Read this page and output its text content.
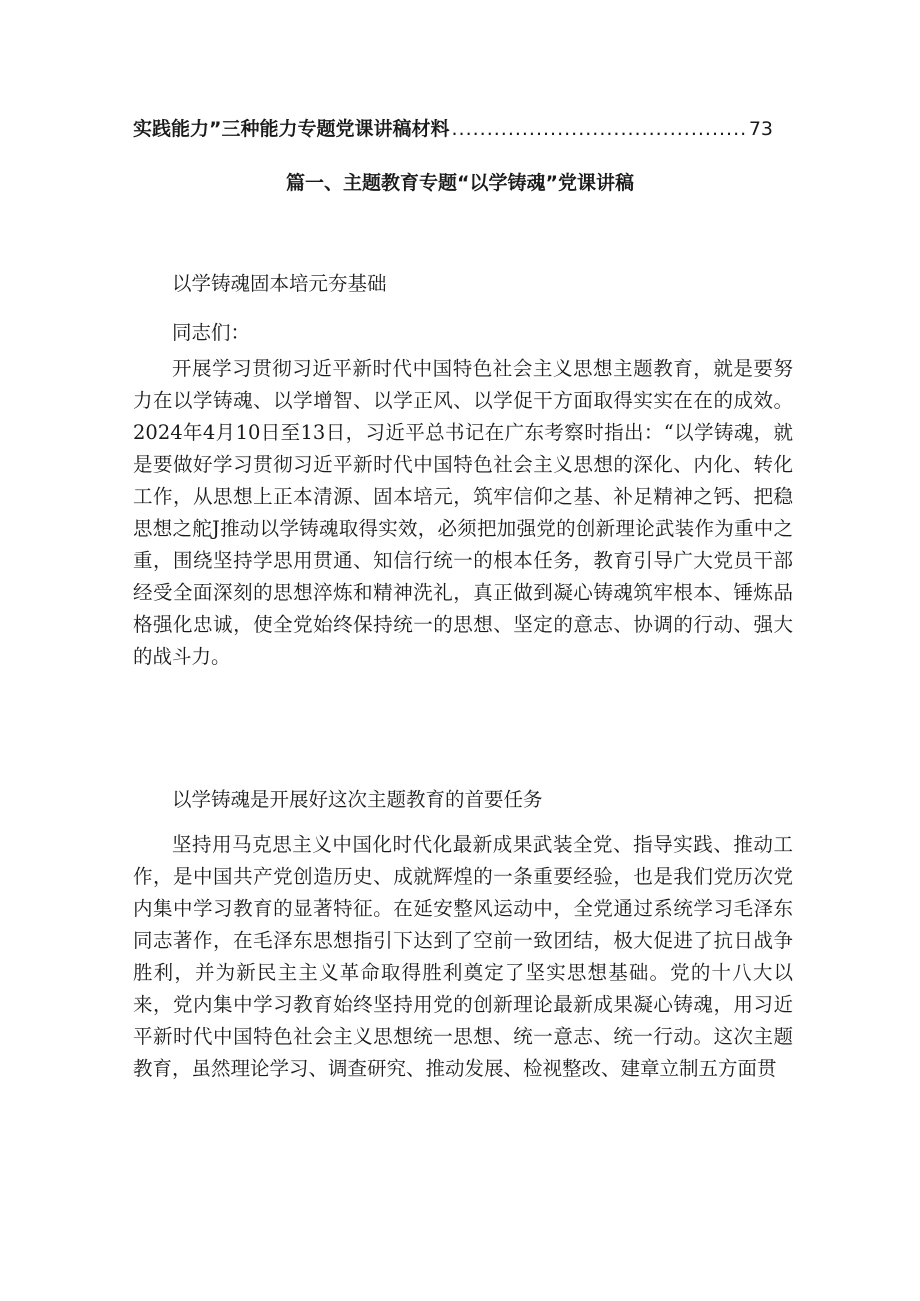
实践能力”三种能力专题党课讲稿材料
.....	73
篇一、主题教育专题“以学铸魂”党课讲稿

以学铸魂固本培元夯基础

同志们：

开展学习贯彻习近平新时代中国特色社会主义思想主题教育，就是要努力在以学铸魂、以学增智、以学正风、以学促干方面取得实实在在的成效。2024年4月10日至13日，习近平总书记在广东考察时指出：“以学铸魂，就是要做好学习贯彻习近平新时代中国特色社会主义思想的深化、内化、转化工作，从思想上正本清源、固本培元，筑牢信仰之基、补足精神之钙、把稳思想之舵J推动以学铸魂取得实效，必须把加强党的创新理论武装作为重中之重，围绕坚持学思用贯通、知信行统一的根本任务，教育引导广大党员干部经受全面深刻的思想淬炼和精神洗礼，真正做到凝心铸魂筑牢根本、锤炼品格强化忠诚，使全党始终保持统一的思想、坚定的意志、协调的行动、强大的战斗力。

以学铸魂是开展好这次主题教育的首要任务

坚持用马克思主义中国化时代化最新成果武装全党、指导实践、推动工作，是中国共产党创造历史、成就辉煌的一条重要经验，也是我们党历次党内集中学习教育的显著特征。在延安整风运动中，全党通过系统学习毛泽东同志著作，在毛泽东思想指引下达到了空前一致团结，极大促进了抗日战争胜利，并为新民主主义革命取得胜利奠定了坚实思想基础。党的十八大以来，党内集中学习教育始终坚持用党的创新理论最新成果凝心铸魂，用习近平新时代中国特色社会主义思想统一思想、统一意志、统一行动。这次主题教育，虽然理论学习、调查研究、推动发展、检视整改、建章立制五方面贯
